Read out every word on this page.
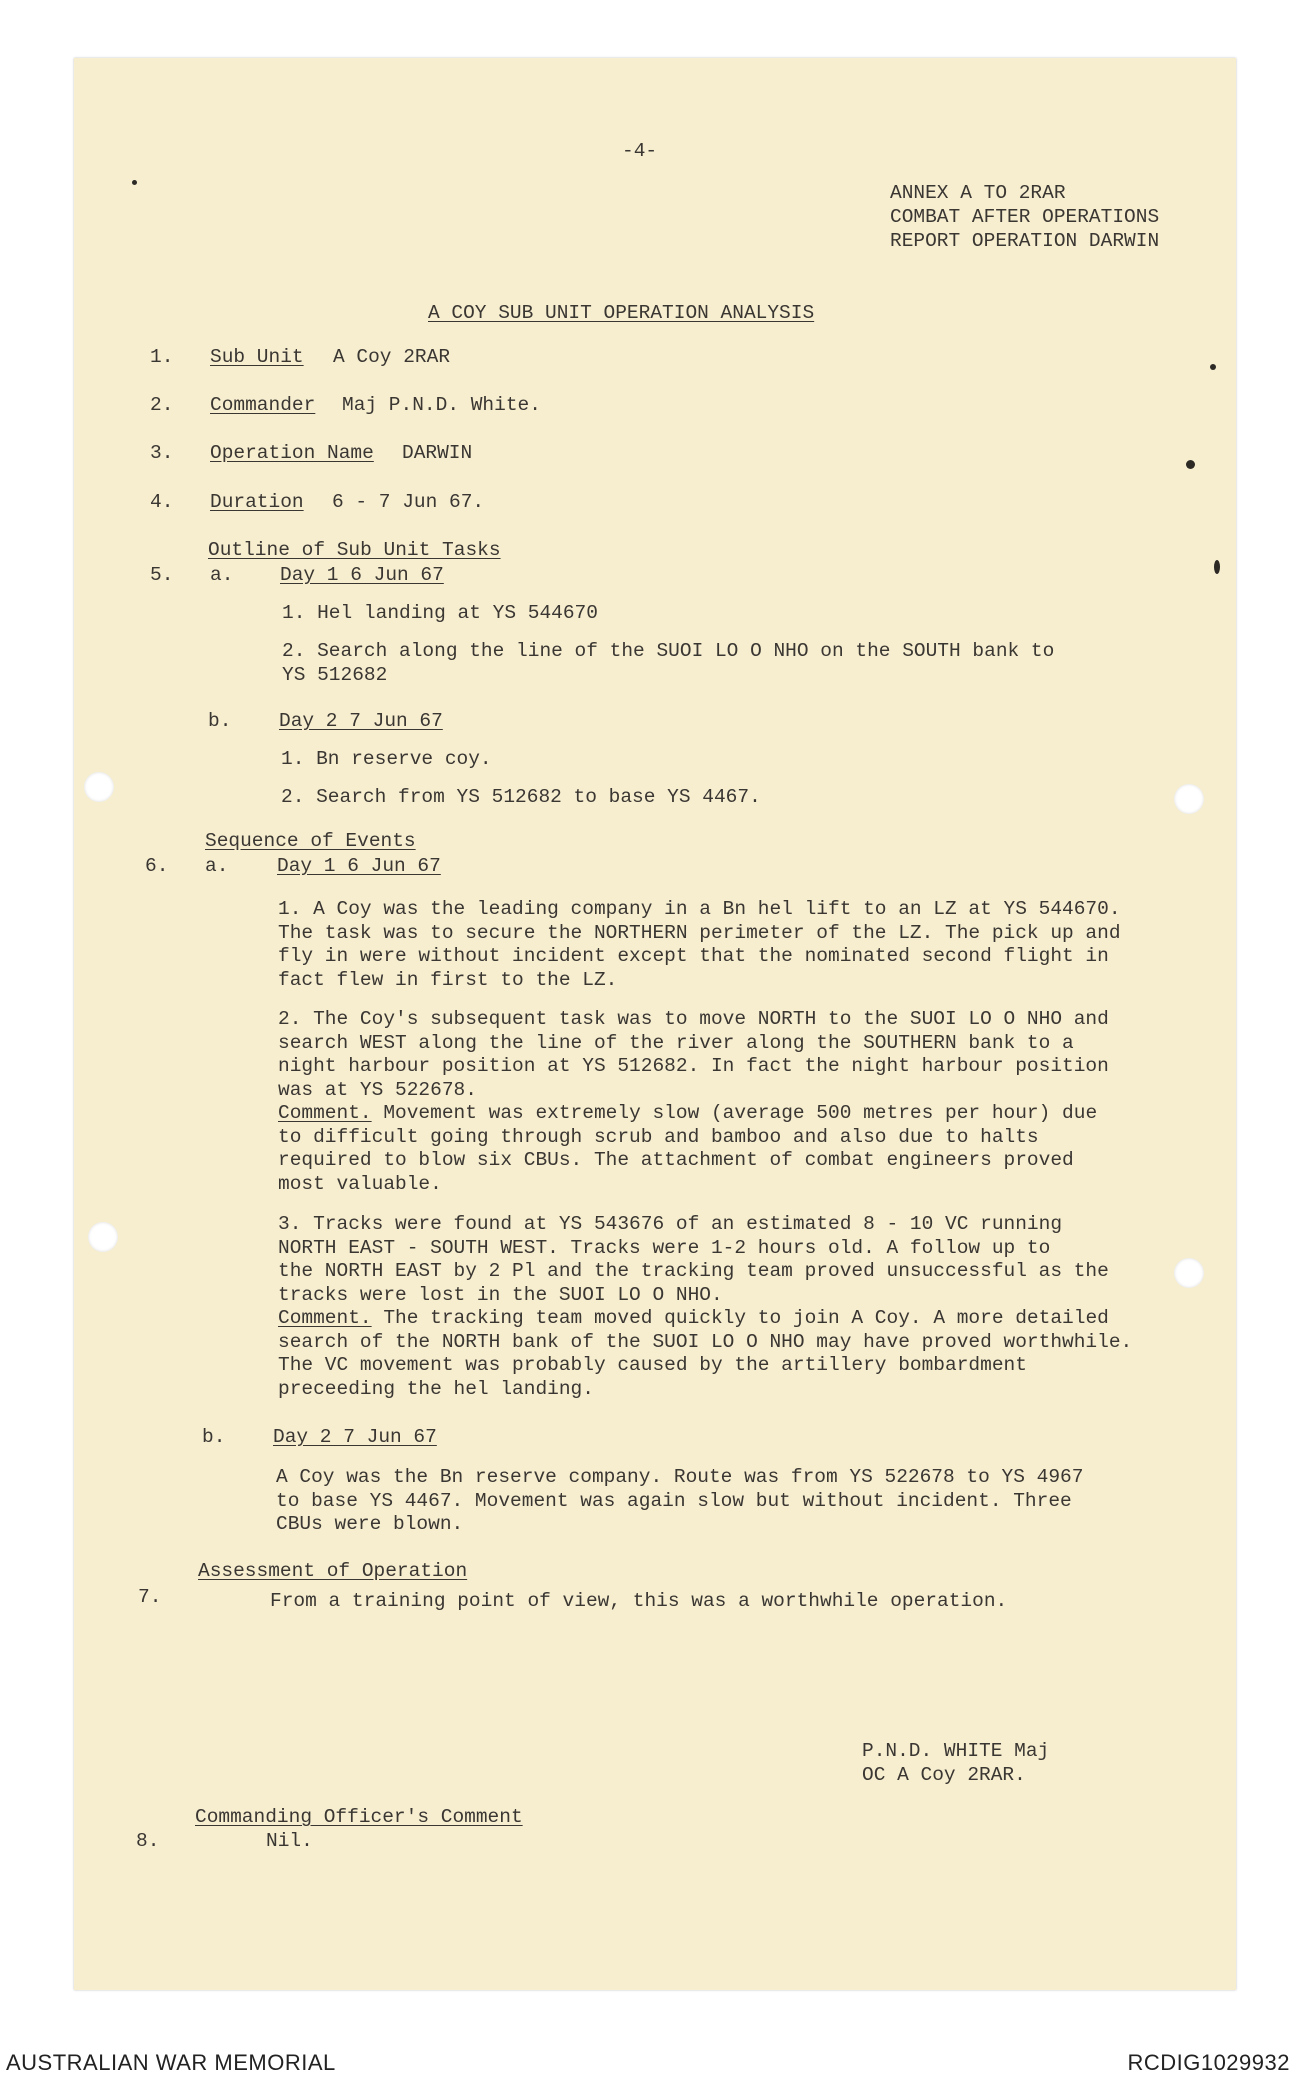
-4-
ANNEX A TO 2RAR
COMBAT AFTER OPERATIONS
REPORT OPERATION DARWIN
A COY SUB UNIT OPERATION ANALYSIS
1. Sub Unit A Coy 2RAR
2. Commander Maj P.N.D. White.
3. Operation Name DARWIN
4. Duration 6 - 7 Jun 67.
Outline of Sub Unit Tasks
5. a. Day 1 6 Jun 67
1. Hel landing at YS 544670
2. Search along the line of the SUOI LO O NHO on the SOUTH bank to
YS 512682
b. Day 2 7 Jun 67
1. Bn reserve coy.
2. Search from YS 512682 to base YS 4467.
Sequence of Events
6. a. Day 1 6 Jun 67

1. A Coy was the leading company in a Bn hel lift to an LZ at YS 544670.
The task was to secure the NORTHERN perimeter of the LZ. The pick up and
fly in were without incident except that the nominated second flight in
fact flew in first to the LZ.

2. The Coy's subsequent task was to move NORTH to the SUOI LO O NHO and
search WEST along the line of the river along the SOUTHERN bank to a
night harbour position at YS 512682. In fact the night harbour position
was at YS 522678.

Comment. Movement was extremely slow (average 500 metres per hour) due
to difficult going through scrub and bamboo and also due to halts
required to blow six CBUs. The attachment of combat engineers proved
most valuable.

3. Tracks were found at YS 543676 of an estimated 8 - 10 VC running
NORTH EAST - SOUTH WEST. Tracks were 1-2 hours old. A follow up to
the NORTH EAST by 2 Pl and the tracking team proved unsuccessful as the
tracks were lost in the SUOI LO O NHO.

Comment. The tracking team moved quickly to join A Coy. A more detailed
search of the NORTH bank of the SUOI LO O NHO may have proved worthwhile.
The VC movement was probably caused by the artillery bombardment
preceeding the hel landing.

b. Day 2 7 Jun 67

A Coy was the Bn reserve company. Route was from YS 522678 to YS 4967
to base YS 4467. Movement was again slow but without incident. Three
CBUs were blown.

Assessment of Operation
7.	From a training point of view, this was a worthwhile operation.
P.N.D. WHITE Maj
OC A Coy 2RAR.
Commanding Officer's Comment
8.	Nil.
AUSTRALIAN WAR MEMORIAL	RCDIG1029932
